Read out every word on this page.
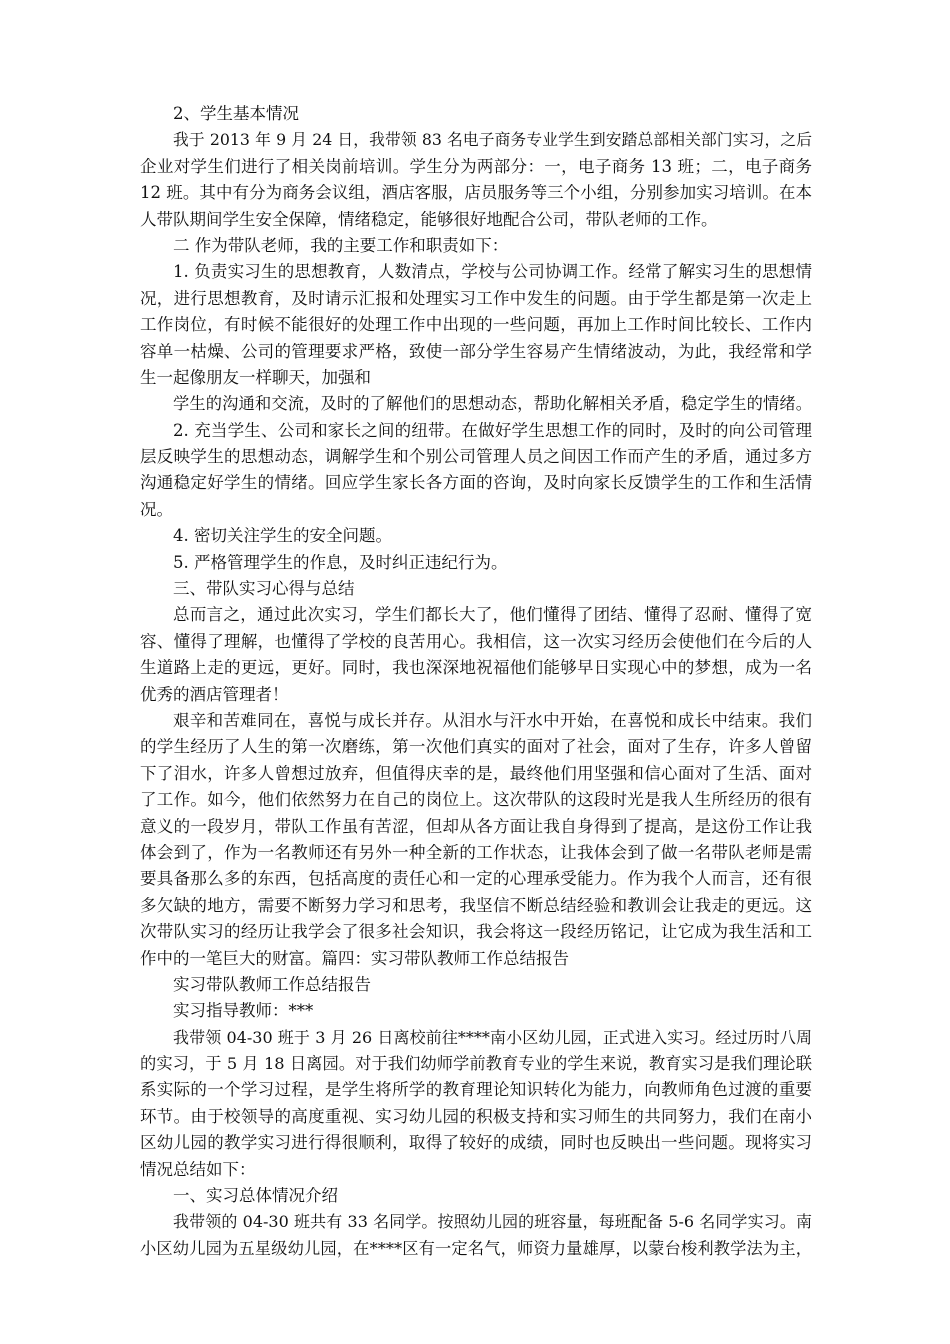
2、学生基本情况
我于 2013 年 9 月 24 日，我带领 83 名电子商务专业学生到安踏总部相关部门实习，之后
企业对学生们进行了相关岗前培训。学生分为两部分：一，电子商务 13 班；二，电子商务
12 班。其中有分为商务会议组，酒店客服，店员服务等三个小组，分别参加实习培训。在本
人带队期间学生安全保障，情绪稳定，能够很好地配合公司，带队老师的工作。
二 作为带队老师，我的主要工作和职责如下：
1. 负责实习生的思想教育，人数清点，学校与公司协调工作。经常了解实习生的思想情
况，进行思想教育，及时请示汇报和处理实习工作中发生的问题。由于学生都是第一次走上
工作岗位，有时候不能很好的处理工作中出现的一些问题，再加上工作时间比较长、工作内
容单一枯燥、公司的管理要求严格，致使一部分学生容易产生情绪波动，为此，我经常和学
生一起像朋友一样聊天，加强和
学生的沟通和交流，及时的了解他们的思想动态，帮助化解相关矛盾，稳定学生的情绪。
2. 充当学生、公司和家长之间的纽带。在做好学生思想工作的同时，及时的向公司管理
层反映学生的思想动态，调解学生和个别公司管理人员之间因工作而产生的矛盾，通过多方
沟通稳定好学生的情绪。回应学生家长各方面的咨询，及时向家长反馈学生的工作和生活情
况。
4. 密切关注学生的安全问题。
5. 严格管理学生的作息，及时纠正违纪行为。
三、带队实习心得与总结
总而言之，通过此次实习，学生们都长大了，他们懂得了团结、懂得了忍耐、懂得了宽
容、懂得了理解，也懂得了学校的良苦用心。我相信，这一次实习经历会使他们在今后的人
生道路上走的更远，更好。同时，我也深深地祝福他们能够早日实现心中的梦想，成为一名
优秀的酒店管理者！
艰辛和苦难同在，喜悦与成长并存。从泪水与汗水中开始，在喜悦和成长中结束。我们
的学生经历了人生的第一次磨练，第一次他们真实的面对了社会，面对了生存，许多人曾留
下了泪水，许多人曾想过放弃，但值得庆幸的是，最终他们用坚强和信心面对了生活、面对
了工作。如今，他们依然努力在自己的岗位上。这次带队的这段时光是我人生所经历的很有
意义的一段岁月，带队工作虽有苦涩，但却从各方面让我自身得到了提高，是这份工作让我
体会到了，作为一名教师还有另外一种全新的工作状态，让我体会到了做一名带队老师是需
要具备那么多的东西，包括高度的责任心和一定的心理承受能力。作为我个人而言，还有很
多欠缺的地方，需要不断努力学习和思考，我坚信不断总结经验和教训会让我走的更远。这
次带队实习的经历让我学会了很多社会知识，我会将这一段经历铭记，让它成为我生活和工
作中的一笔巨大的财富。篇四：实习带队教师工作总结报告
实习带队教师工作总结报告
实习指导教师：***
我带领 04-30 班于 3 月 26 日离校前往****南小区幼儿园，正式进入实习。经过历时八周
的实习，于 5 月 18 日离园。对于我们幼师学前教育专业的学生来说，教育实习是我们理论联
系实际的一个学习过程，是学生将所学的教育理论知识转化为能力，向教师角色过渡的重要
环节。由于校领导的高度重视、实习幼儿园的积极支持和实习师生的共同努力，我们在南小
区幼儿园的教学实习进行得很顺利，取得了较好的成绩，同时也反映出一些问题。现将实习
情况总结如下：
一、实习总体情况介绍
我带领的 04-30 班共有 33 名同学。按照幼儿园的班容量，每班配备 5-6 名同学实习。南
小区幼儿园为五星级幼儿园，在****区有一定名气，师资力量雄厚，以蒙台梭利教学法为主，
